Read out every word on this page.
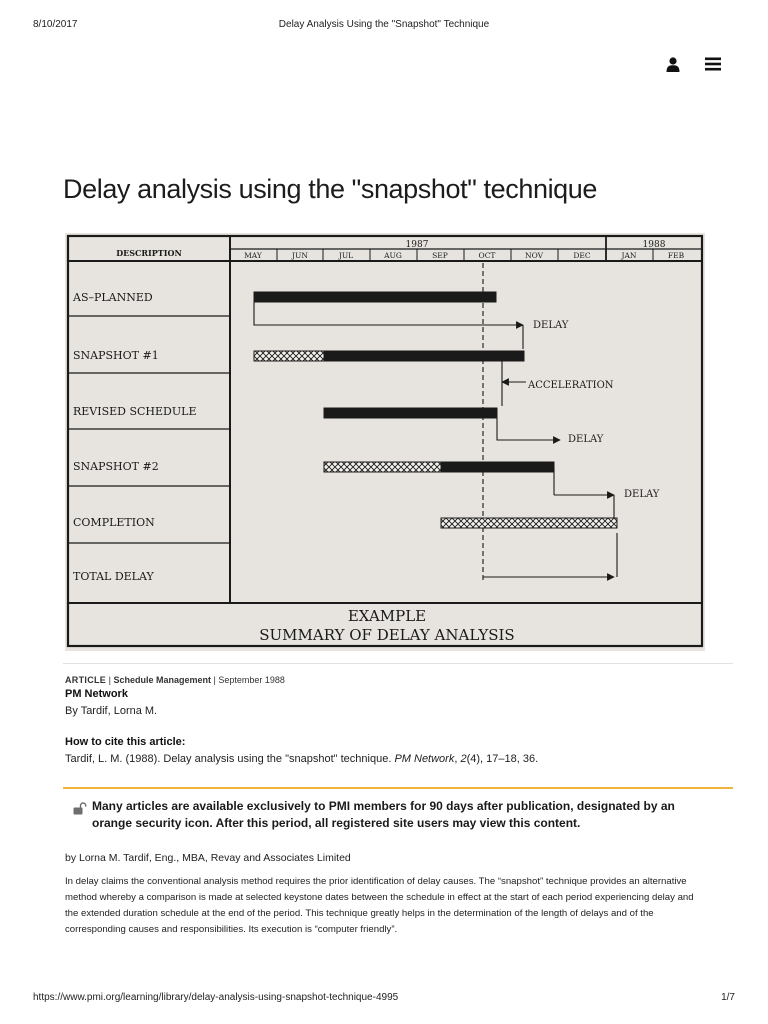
8/10/2017	Delay Analysis Using the "Snapshot" Technique
Delay analysis using the "snapshot" technique
DESCRIPTION
1987	1988
MAY	JUN	JUL	AUG	SEP	OCT	NOV	DEC	JAN	FEB
AS–PLANNED
SNAPSHOT #1
REVISED SCHEDULE
SNAPSHOT #2
COMPLETION
TOTAL DELAY
DELAY
ACCELERATION
DELAY
DELAY
EXAMPLE
SUMMARY OF DELAY ANALYSIS
ARTICLE | Schedule Management | September 1988
PM Network
By Tardif, Lorna M.
How to cite this article:
Tardif, L. M. (1988). Delay analysis using the "snapshot" technique. PM Network, 2(4), 17–18, 36.
Many articles are available exclusively to PMI members for 90 days after publication, designated by an orange security icon. After this period, all registered site users may view this content.
by Lorna M. Tardif, Eng., MBA, Revay and Associates Limited

In delay claims the conventional analysis method requires the prior identification of delay causes. The “snapshot” technique provides an alternative method whereby a comparison is made at selected keystone dates between the schedule in effect at the start of each period experiencing delay and the extended duration schedule at the end of the period. This technique greatly helps in the determination of the length of delays and of the corresponding causes and responsibilities. Its execution is “computer friendly”.

https://www.pmi.org/learning/library/delay-analysis-using-snapshot-technique-4995	1/7
